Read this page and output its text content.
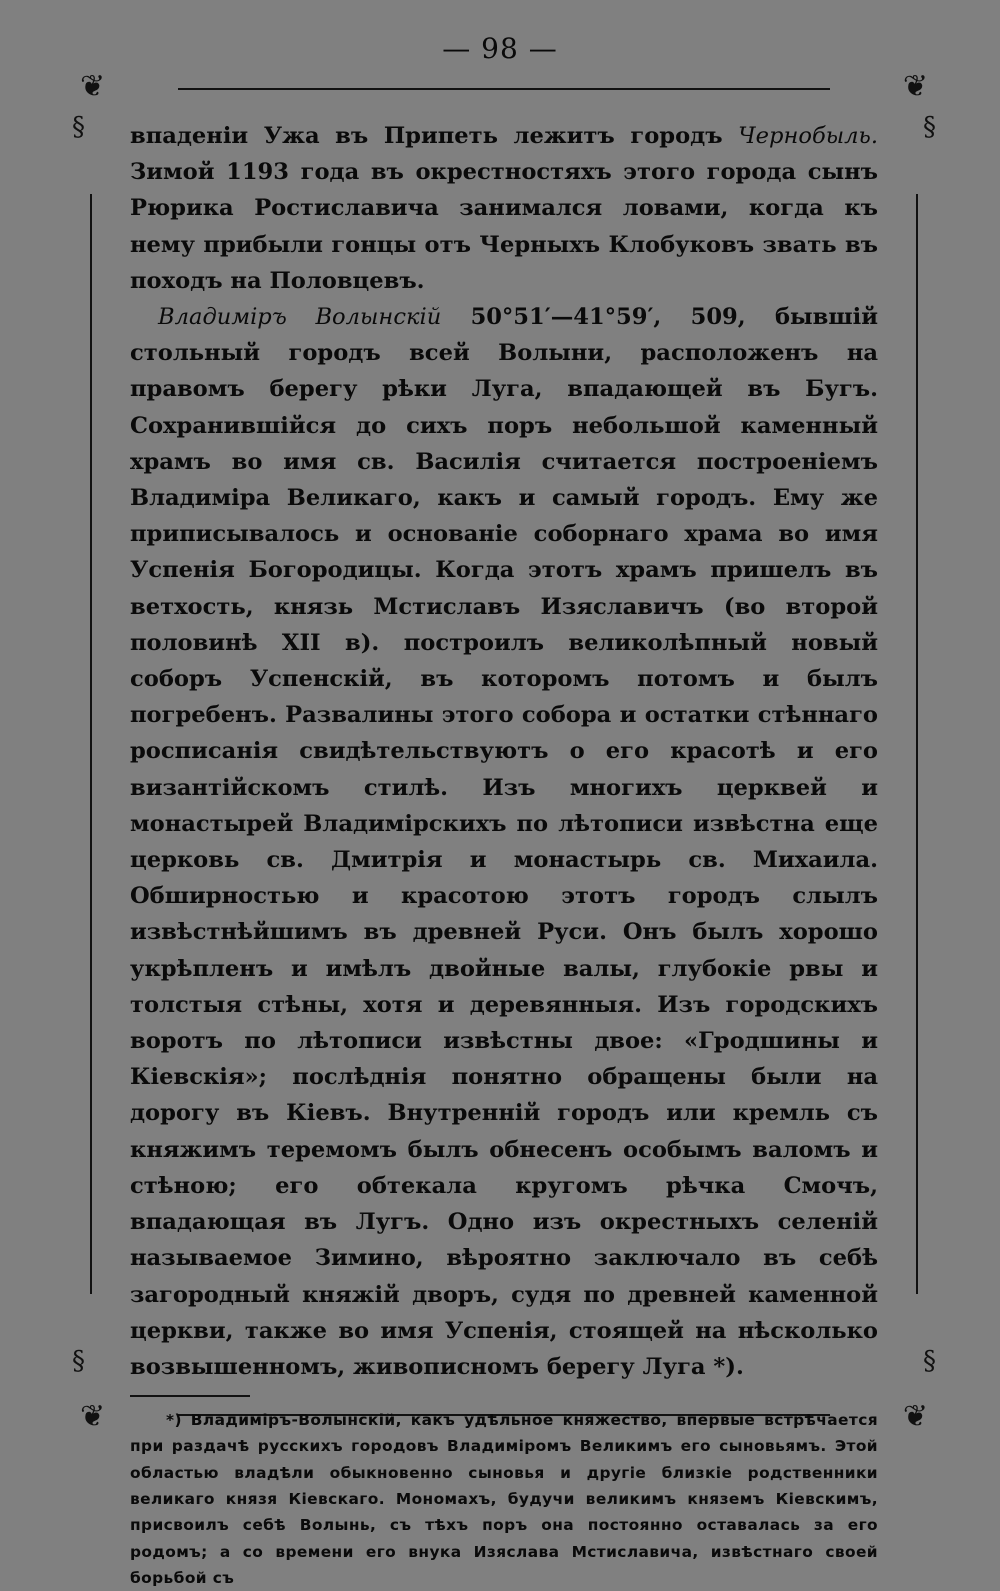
— 98 —
❦	❦
❦	❦
§	§
§	§

впаденіи Ужа въ Припеть лежитъ городъ Чернобыль. Зимой 1193 года въ окрестностяхъ этого города сынъ Рюрика Ростиславича занимался ловами, когда къ нему прибыли гонцы отъ Черныхъ Клобуковъ звать въ походъ на Половцевъ.

Владиміръ Волынскій 50°51′—41°59′, 509, бывшій стольный городъ всей Волыни, расположенъ на правомъ берегу рѣки Луга, впадающей въ Бугъ. Сохранившійся до сихъ поръ небольшой каменный храмъ во имя св. Василія считается построеніемъ Владиміра Великаго, какъ и самый городъ. Ему же приписывалось и основаніе соборнаго храма во имя Успенія Богородицы. Когда этотъ храмъ пришелъ въ ветхость, князь Мстиславъ Изяславичъ (во второй половинѣ XII в). построилъ великолѣпный новый соборъ Успенскій, въ которомъ потомъ и былъ погребенъ. Развалины этого собора и остатки стѣннаго росписанія свидѣтельствуютъ о его красотѣ и его византійскомъ стилѣ. Изъ многихъ церквей и монастырей Владимірскихъ по лѣтописи извѣстна еще церковь св. Дмитрія и монастырь св. Михаила. Обширностью и красотою этотъ городъ слылъ извѣстнѣйшимъ въ древней Руси. Онъ былъ хорошо укрѣпленъ и имѣлъ двойные валы, глубокіе рвы и толстыя стѣны, хотя и деревянныя. Изъ городскихъ воротъ по лѣтописи извѣстны двое: «Гродшины и Кіевскія»; послѣднія понятно обращены были на дорогу въ Кіевъ. Внутренній городъ или кремль съ княжимъ теремомъ былъ обнесенъ особымъ валомъ и стѣною; его обтекала кругомъ рѣчка Смочъ, впадающая въ Лугъ. Одно изъ окрестныхъ селеній называемое Зимино, вѣроятно заключало въ себѣ загородный княжій дворъ, судя по древней каменной церкви, также во имя Успенія, стоящей на нѣсколько возвышенномъ, живописномъ берегу Луга *).

*) Владиміръ-Волынскій, какъ удѣльное княжество, впервые встрѣчается при раздачѣ русскихъ городовъ Владиміромъ Великимъ его сыновьямъ. Этой областью владѣли обыкновенно сыновья и другіе близкіе родственники великаго князя Кіевскаго. Мономахъ, будучи великимъ княземъ Кіевскимъ, присвоилъ себѣ Волынь, съ тѣхъ поръ она постоянно оставалась за его родомъ; а со времени его внука Изяслава Мстиславича, извѣстнаго своей борьбой съ
